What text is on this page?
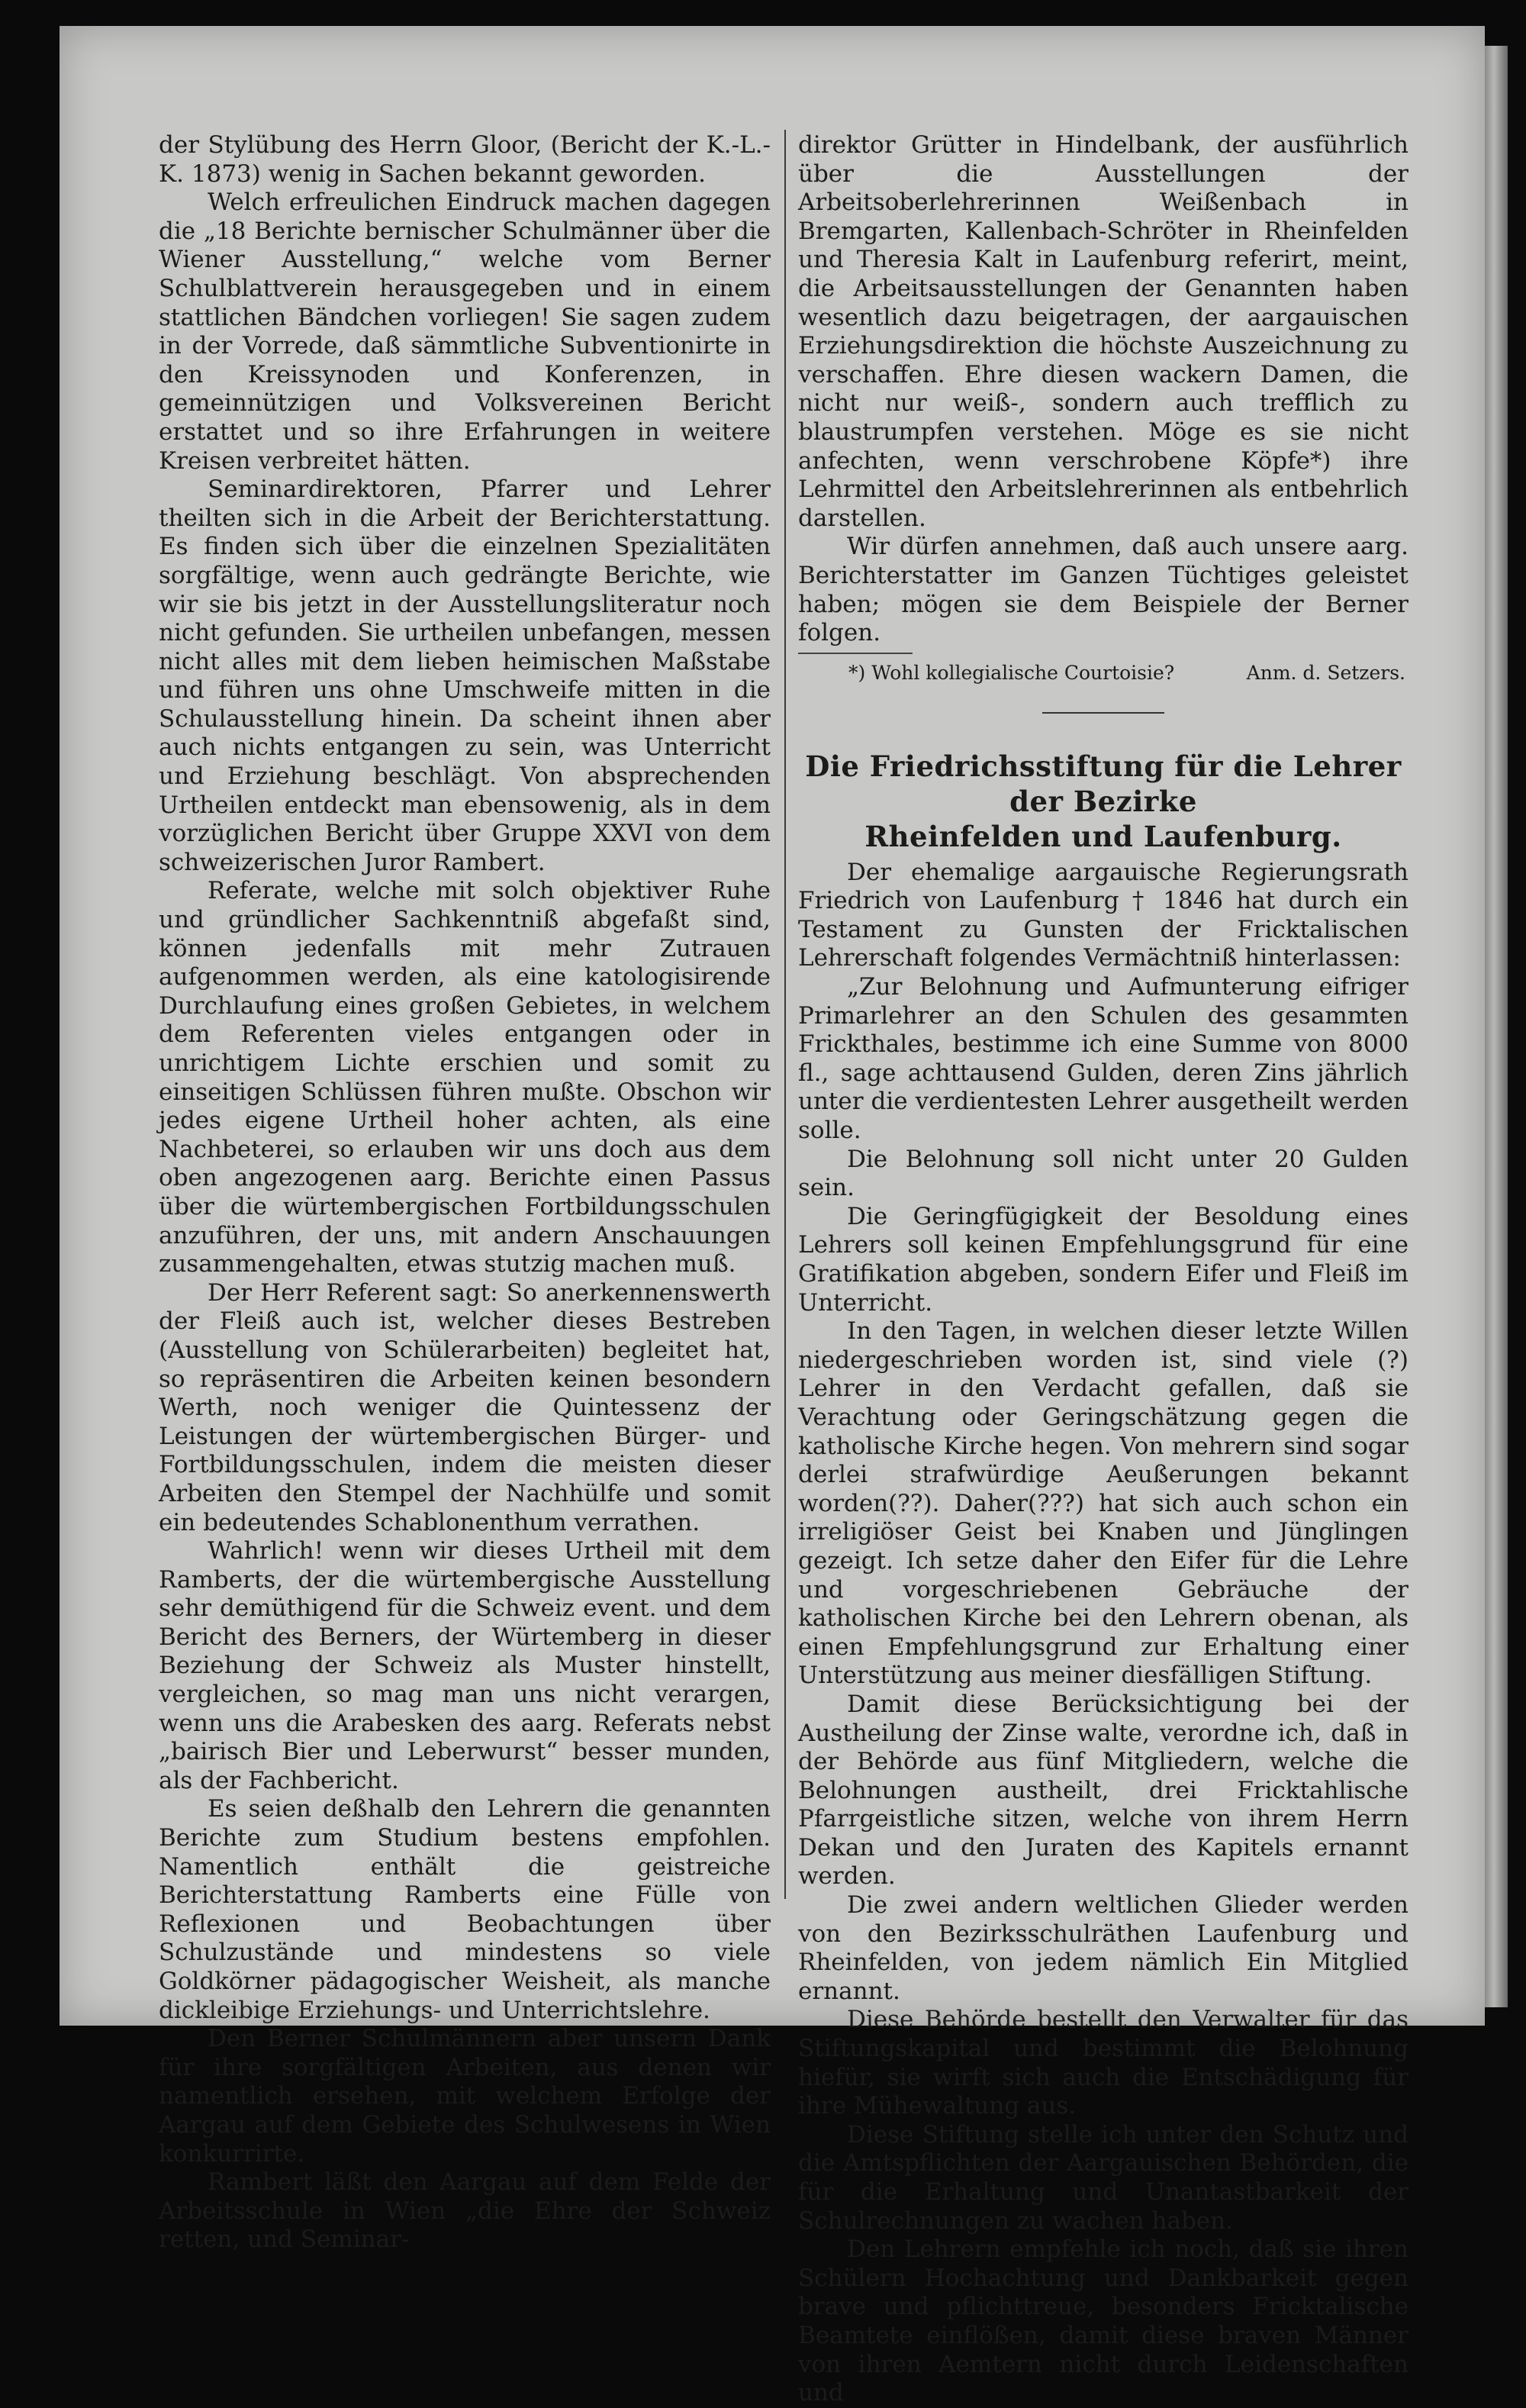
der Stylübung des Herrn Gloor, (Bericht der K.-L.-K. 1873) wenig in Sachen bekannt geworden.

Welch erfreulichen Eindruck machen dagegen die „18 Berichte bernischer Schulmänner über die Wiener Ausstellung,“ welche vom Berner Schulblattverein herausgegeben und in einem stattlichen Bändchen vorliegen! Sie sagen zudem in der Vorrede, daß sämmtliche Subventionirte in den Kreissynoden und Konferenzen, in gemeinnützigen und Volksvereinen Bericht erstattet und so ihre Erfahrungen in weitere Kreisen verbreitet hätten.

Seminardirektoren, Pfarrer und Lehrer theilten sich in die Arbeit der Berichterstattung. Es finden sich über die einzelnen Spezialitäten sorgfältige, wenn auch gedrängte Berichte, wie wir sie bis jetzt in der Ausstellungsliteratur noch nicht gefunden. Sie urtheilen unbefangen, messen nicht alles mit dem lieben heimischen Maßstabe und führen uns ohne Umschweife mitten in die Schulausstellung hinein. Da scheint ihnen aber auch nichts entgangen zu sein, was Unterricht und Erziehung beschlägt. Von absprechenden Urtheilen entdeckt man ebensowenig, als in dem vorzüglichen Bericht über Gruppe XXVI von dem schweizerischen Juror Rambert.

Referate, welche mit solch objektiver Ruhe und gründlicher Sachkenntniß abgefaßt sind, können jedenfalls mit mehr Zutrauen aufgenommen werden, als eine katologisirende Durchlaufung eines großen Gebietes, in welchem dem Referenten vieles entgangen oder in unrichtigem Lichte erschien und somit zu einseitigen Schlüssen führen mußte. Obschon wir jedes eigene Urtheil hoher achten, als eine Nachbeterei, so erlauben wir uns doch aus dem oben angezogenen aarg. Berichte einen Passus über die würtembergischen Fortbildungsschulen anzuführen, der uns, mit andern Anschauungen zusammengehalten, etwas stutzig machen muß.

Der Herr Referent sagt: So anerkennenswerth der Fleiß auch ist, welcher dieses Bestreben (Ausstellung von Schülerarbeiten) begleitet hat, so repräsentiren die Arbeiten keinen besondern Werth, noch weniger die Quintessenz der Leistungen der würtembergischen Bürger- und Fortbildungsschulen, indem die meisten dieser Arbeiten den Stempel der Nachhülfe und somit ein bedeutendes Schablonenthum verrathen.

Wahrlich! wenn wir dieses Urtheil mit dem Ramberts, der die würtembergische Ausstellung sehr demüthigend für die Schweiz event. und dem Bericht des Berners, der Würtemberg in dieser Beziehung der Schweiz als Muster hinstellt, vergleichen, so mag man uns nicht verargen, wenn uns die Arabesken des aarg. Referats nebst „bairisch Bier und Leberwurst“ besser munden, als der Fachbericht.

Es seien deßhalb den Lehrern die genannten Berichte zum Studium bestens empfohlen. Namentlich enthält die geistreiche Berichterstattung Ramberts eine Fülle von Reflexionen und Beobachtungen über Schulzustände und mindestens so viele Goldkörner pädagogischer Weisheit, als manche dickleibige Erziehungs- und Unterrichtslehre.

Den Berner Schulmännern aber unsern Dank für ihre sorgfältigen Arbeiten, aus denen wir namentlich ersehen, mit welchem Erfolge der Aargau auf dem Gebiete des Schulwesens in Wien konkurrirte.

Rambert läßt den Aargau auf dem Felde der Arbeitsschule in Wien „die Ehre der Schweiz retten, und Seminar-

direktor Grütter in Hindelbank, der ausführlich über die Ausstellungen der Arbeitsoberlehrerinnen Weißenbach in Bremgarten, Kallenbach-Schröter in Rheinfelden und Theresia Kalt in Laufenburg referirt, meint, die Arbeitsausstellungen der Genannten haben wesentlich dazu beigetragen, der aargauischen Erziehungsdirektion die höchste Auszeichnung zu verschaffen. Ehre diesen wackern Damen, die nicht nur weiß-, sondern auch trefflich zu blaustrumpfen verstehen. Möge es sie nicht anfechten, wenn verschrobene Köpfe*) ihre Lehrmittel den Arbeitslehrerinnen als entbehrlich darstellen.

Wir dürfen annehmen, daß auch unsere aarg. Berichterstatter im Ganzen Tüchtiges geleistet haben; mögen sie dem Beispiele der Berner folgen.

*) Wohl kollegialische Courtoisie?	Anm. d. Setzers.
Die Friedrichsstiftung für die Lehrer der Bezirke
Rheinfelden und Laufenburg.

Der ehemalige aargauische Regierungsrath Friedrich von Laufenburg † 1846 hat durch ein Testament zu Gunsten der Fricktalischen Lehrerschaft folgendes Vermächtniß hinterlassen:

„Zur Belohnung und Aufmunterung eifriger Primarlehrer an den Schulen des gesammten Frickthales, bestimme ich eine Summe von 8000 fl., sage achttausend Gulden, deren Zins jährlich unter die verdientesten Lehrer ausgetheilt werden solle.

Die Belohnung soll nicht unter 20 Gulden sein.

Die Geringfügigkeit der Besoldung eines Lehrers soll keinen Empfehlungsgrund für eine Gratifikation abgeben, sondern Eifer und Fleiß im Unterricht.

In den Tagen, in welchen dieser letzte Willen niedergeschrieben worden ist, sind viele (?) Lehrer in den Verdacht gefallen, daß sie Verachtung oder Geringschätzung gegen die katholische Kirche hegen. Von mehrern sind sogar derlei strafwürdige Aeußerungen bekannt worden(??). Daher(???) hat sich auch schon ein irreligiöser Geist bei Knaben und Jünglingen gezeigt. Ich setze daher den Eifer für die Lehre und vorgeschriebenen Gebräuche der katholischen Kirche bei den Lehrern obenan, als einen Empfehlungsgrund zur Erhaltung einer Unterstützung aus meiner diesfälligen Stiftung.

Damit diese Berücksichtigung bei der Austheilung der Zinse walte, verordne ich, daß in der Behörde aus fünf Mitgliedern, welche die Belohnungen austheilt, drei Fricktahlische Pfarrgeistliche sitzen, welche von ihrem Herrn Dekan und den Juraten des Kapitels ernannt werden.

Die zwei andern weltlichen Glieder werden von den Bezirksschulräthen Laufenburg und Rheinfelden, von jedem nämlich Ein Mitglied ernannt.

Diese Behörde bestellt den Verwalter für das Stiftungskapital und bestimmt die Belohnung hiefür, sie wirft sich auch die Entschädigung für ihre Mühewaltung aus.

Diese Stiftung stelle ich unter den Schutz und die Amtspflichten der Aargauischen Behörden, die für die Erhaltung und Unantastbarkeit der Schulrechnungen zu wachen haben.

Den Lehrern empfehle ich noch, daß sie ihren Schülern Hochachtung und Dankbarkeit gegen brave und pflichttreue, besonders Fricktalische Beamtete einflößen, damit diese braven Männer von ihren Aemtern nicht durch Leidenschaften und
